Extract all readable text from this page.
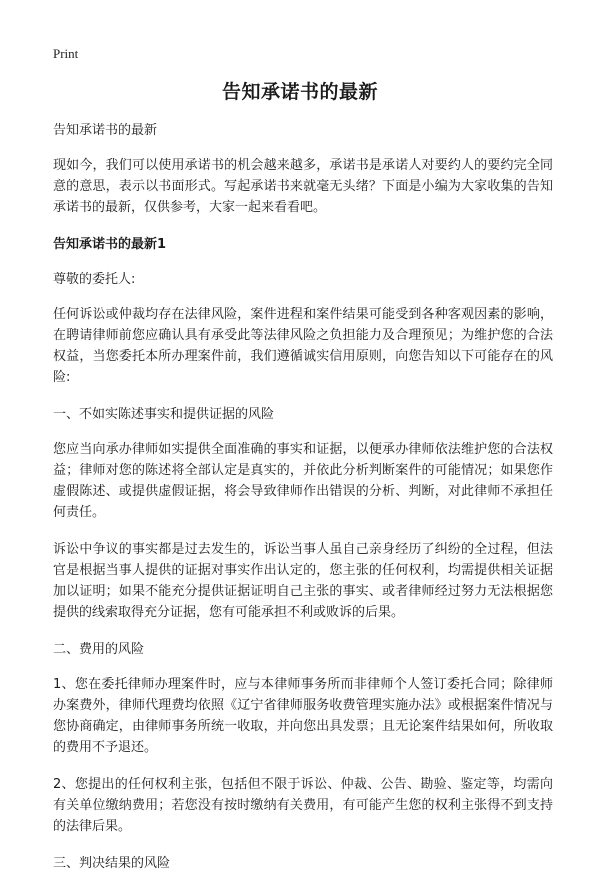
Print
告知承诺书的最新

告知承诺书的最新

现如今，我们可以使用承诺书的机会越来越多，承诺书是承诺人对要约人的要约完全同意的意思，表示以书面形式。写起承诺书来就毫无头绪？下面是小编为大家收集的告知承诺书的最新，仅供参考，大家一起来看看吧。

告知承诺书的最新1

尊敬的委托人:

任何诉讼或仲裁均存在法律风险，案件进程和案件结果可能受到各种客观因素的影响，在聘请律师前您应确认具有承受此等法律风险之负担能力及合理预见；为维护您的合法权益，当您委托本所办理案件前，我们遵循诚实信用原则，向您告知以下可能存在的风险:

一、不如实陈述事实和提供证据的风险

您应当向承办律师如实提供全面准确的事实和证据，以便承办律师依法维护您的合法权益；律师对您的陈述将全部认定是真实的，并依此分析判断案件的可能情况；如果您作虚假陈述、或提供虚假证据，将会导致律师作出错误的分析、判断，对此律师不承担任何责任。

诉讼中争议的事实都是过去发生的，诉讼当事人虽自己亲身经历了纠纷的全过程，但法官是根据当事人提供的证据对事实作出认定的，您主张的任何权利，均需提供相关证据加以证明；如果不能充分提供证据证明自己主张的事实、或者律师经过努力无法根据您提供的线索取得充分证据，您有可能承担不利或败诉的后果。

二、费用的风险

1、您在委托律师办理案件时，应与本律师事务所而非律师个人签订委托合同；除律师办案费外，律师代理费均依照《辽宁省律师服务收费管理实施办法》或根据案件情况与您协商确定，由律师事务所统一收取，并向您出具发票；且无论案件结果如何，所收取的费用不予退还。

2、您提出的任何权利主张，包括但不限于诉讼、仲裁、公告、勘验、鉴定等，均需向有关单位缴纳费用；若您没有按时缴纳有关费用，有可能产生您的权利主张得不到支持的法律后果。

三、判决结果的风险
